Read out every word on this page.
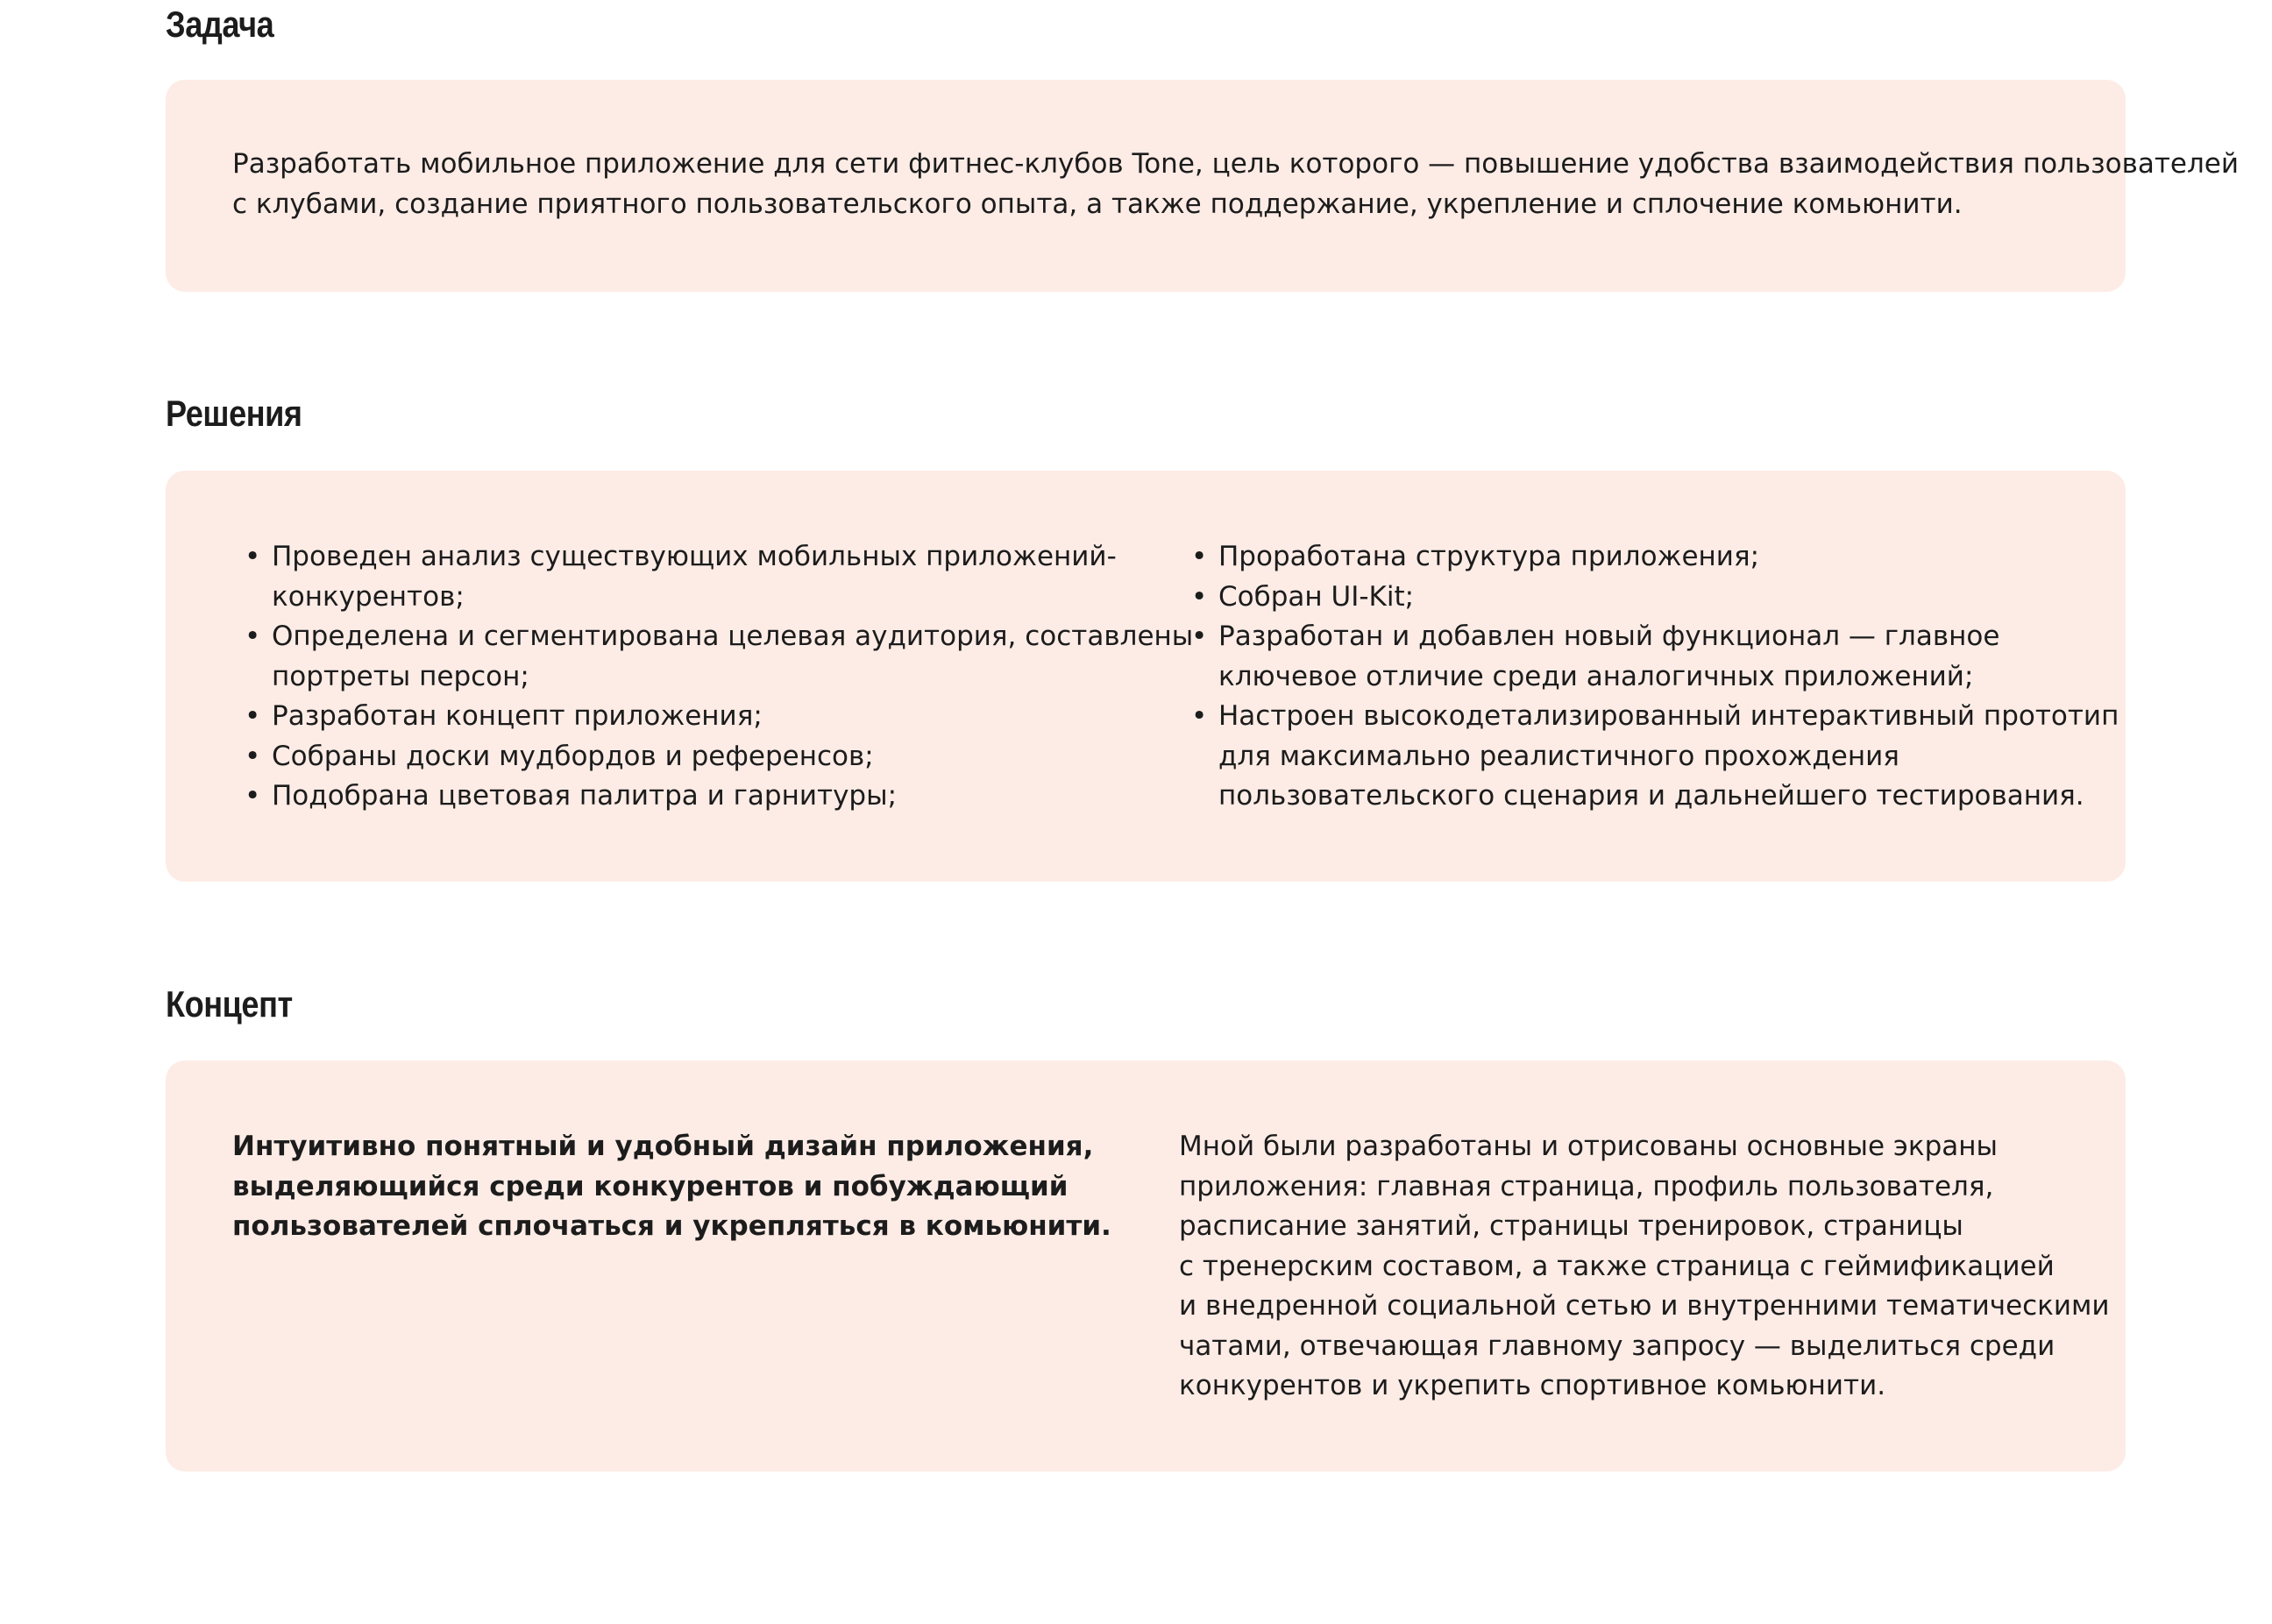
Задача

Разработать мобильное приложение для сети фитнес-клубов Tone, цель которого — повышение удобства взаимодействия пользователей

с клубами, создание приятного пользовательского опыта, а также поддержание, укрепление и сплочение комьюнити.

Решения
• Проведен анализ существующих мобильных приложений-
конкурентов;
• Определена и сегментирована целевая аудитория, составлены
портреты персон;
• Разработан концепт приложения;
• Собраны доски мудбордов и референсов;
• Подобрана цветовая палитра и гарнитуры;
• Проработана структура приложения;
• Собран UI-Kit;
• Разработан и добавлен новый функционал — главное
ключевое отличие среди аналогичных приложений;
• Настроен высокодетализированный интерактивный прототип
для максимально реалистичного прохождения
пользовательского сценария и дальнейшего тестирования.
Концепт
Интуитивно понятный и удобный дизайн приложения,
выделяющийся среди конкурентов и побуждающий
пользователей сплочаться и укрепляться в комьюнити.
Мной были разработаны и отрисованы основные экраны
приложения: главная страница, профиль пользователя,
расписание занятий, страницы тренировок, страницы
с тренерским составом, а также страница с геймификацией
и внедренной социальной сетью и внутренними тематическими
чатами, отвечающая главному запросу — выделиться среди
конкурентов и укрепить спортивное комьюнити.
